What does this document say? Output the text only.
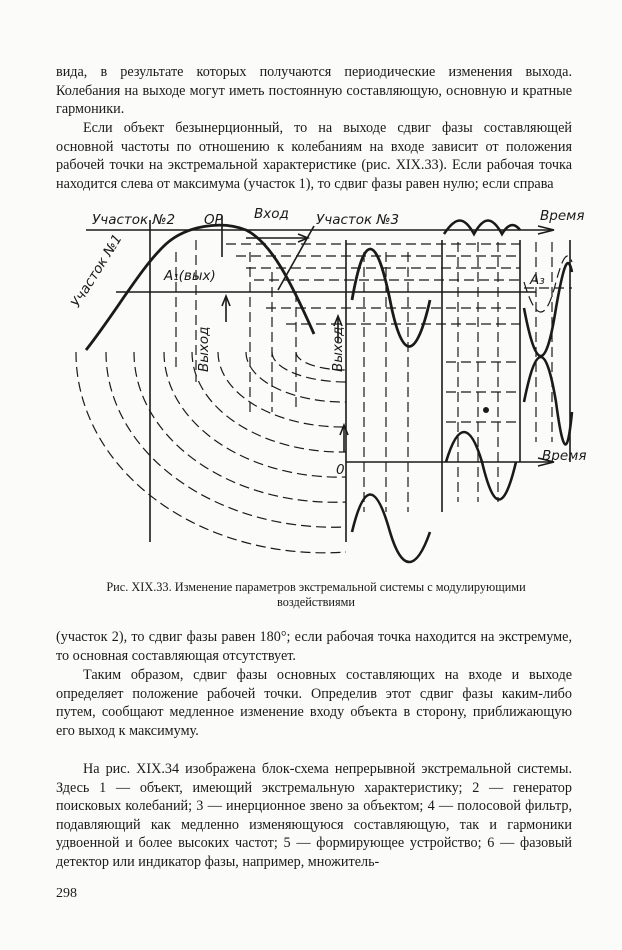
вида, в результате которых получаются периодические изменения выхода. Колебания на выходе могут иметь постоянную составляющую, основную и кратные гармоники.

Если объект безынерционный, то на выходе сдвиг фазы составляющей основной частоты по отношению к колебаниям на входе зависит от положения рабочей точки на экстремальной характеристике (рис. XIX.33). Если рабочая точка находится слева от максимума (участок 1), то сдвиг фазы равен нулю; если справа

Участок №2 ОР Вход Участок №3	Время
Участок №1	A₁(вых)	A₃
Выход	Выход
0
Время
Рис. XIX.33. Изменение параметров экстремальной системы с модулирующими воздействиями

(участок 2), то сдвиг фазы равен 180°; если рабочая точка находится на экстремуме, то основная составляющая отсутствует.

Таким образом, сдвиг фазы основных составляющих на входе и выходе определяет положение рабочей точки. Определив этот сдвиг фазы каким-либо путем, сообщают медленное изменение входу объекта в сторону, приближающую его выход к максимуму.

На рис. XIX.34 изображена блок-схема непрерывной экстремальной системы. Здесь 1 — объект, имеющий экстремальную характеристику; 2 — генератор поисковых колебаний; 3 — инерционное звено за объектом; 4 — полосовой фильтр, подавляющий как медленно изменяющуюся составляющую, так и гармоники удвоенной и более высоких частот; 5 — формирующее устройство; 6 — фазовый детектор или индикатор фазы, например, множитель-

298
